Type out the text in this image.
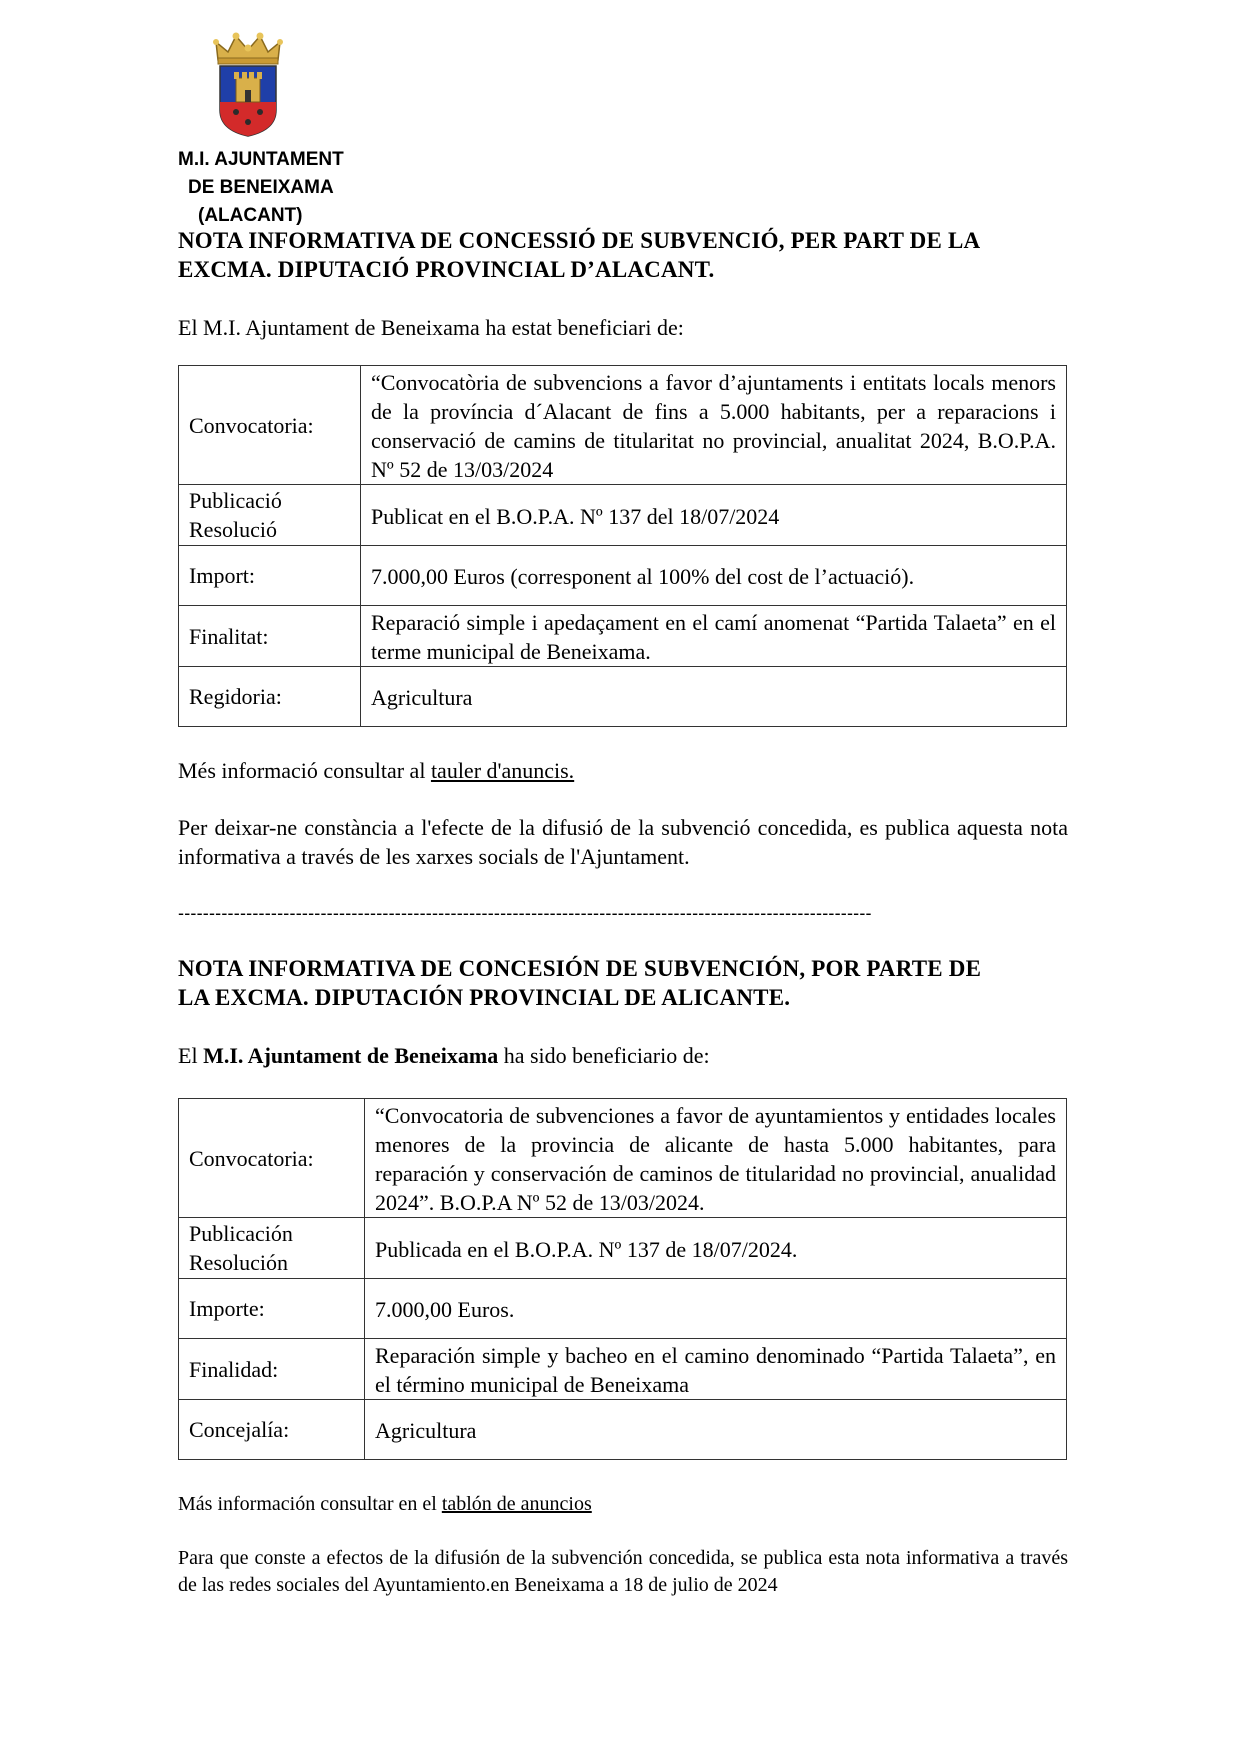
M.I. AJUNTAMENT
DE BENEIXAMA
(ALACANT)
NOTA INFORMATIVA DE CONCESSIÓ DE SUBVENCIÓ, PER PART DE LA
EXCMA. DIPUTACIÓ PROVINCIAL D’ALACANT.
El M.I. Ajuntament de Beneixama ha estat beneficiari de:
Convocatoria:	“Convocatòria de subvencions a favor d’ajuntaments i entitats locals menors de la província d´Alacant de fins a 5.000 habitants, per a reparacions i conservació de camins de titularitat no provincial, anualitat 2024, B.O.P.A. Nº 52 de 13/03/2024
Publicació Resolució	Publicat en el B.O.P.A. Nº 137 del 18/07/2024
Import:	7.000,00 Euros (corresponent al 100% del cost de l’actuació).
Finalitat:	Reparació simple i apedaçament en el camí anomenat “Partida Talaeta” en el terme municipal de Beneixama.
Regidoria:	Agricultura
Més informació consultar al tauler d'anuncis.
Per deixar-ne constància a l'efecte de la difusió de la subvenció concedida, es publica aquesta nota informativa a través de les xarxes socials de l'Ajuntament.
----------------------------------------------------------------------------------------------------------------
NOTA INFORMATIVA DE CONCESIÓN DE SUBVENCIÓN, POR PARTE DE
LA EXCMA. DIPUTACIÓN PROVINCIAL DE ALICANTE.
El M.I. Ajuntament de Beneixama ha sido beneficiario de:
Convocatoria:	“Convocatoria de subvenciones a favor de ayuntamientos y entidades locales menores de la provincia de alicante de hasta 5.000 habitantes, para reparación y conservación de caminos de titularidad no provincial, anualidad 2024”. B.O.P.A Nº 52 de 13/03/2024.
Publicación Resolución	Publicada en el B.O.P.A. Nº 137 de 18/07/2024.
Importe:	7.000,00 Euros.
Finalidad:	Reparación simple y bacheo en el camino denominado “Partida Talaeta”, en el término municipal de Beneixama
Concejalía:	Agricultura
Más información consultar en el tablón de anuncios
Para que conste a efectos de la difusión de la subvención concedida, se publica esta nota informativa a través de las redes sociales del Ayuntamiento.en Beneixama a 18 de julio de 2024
